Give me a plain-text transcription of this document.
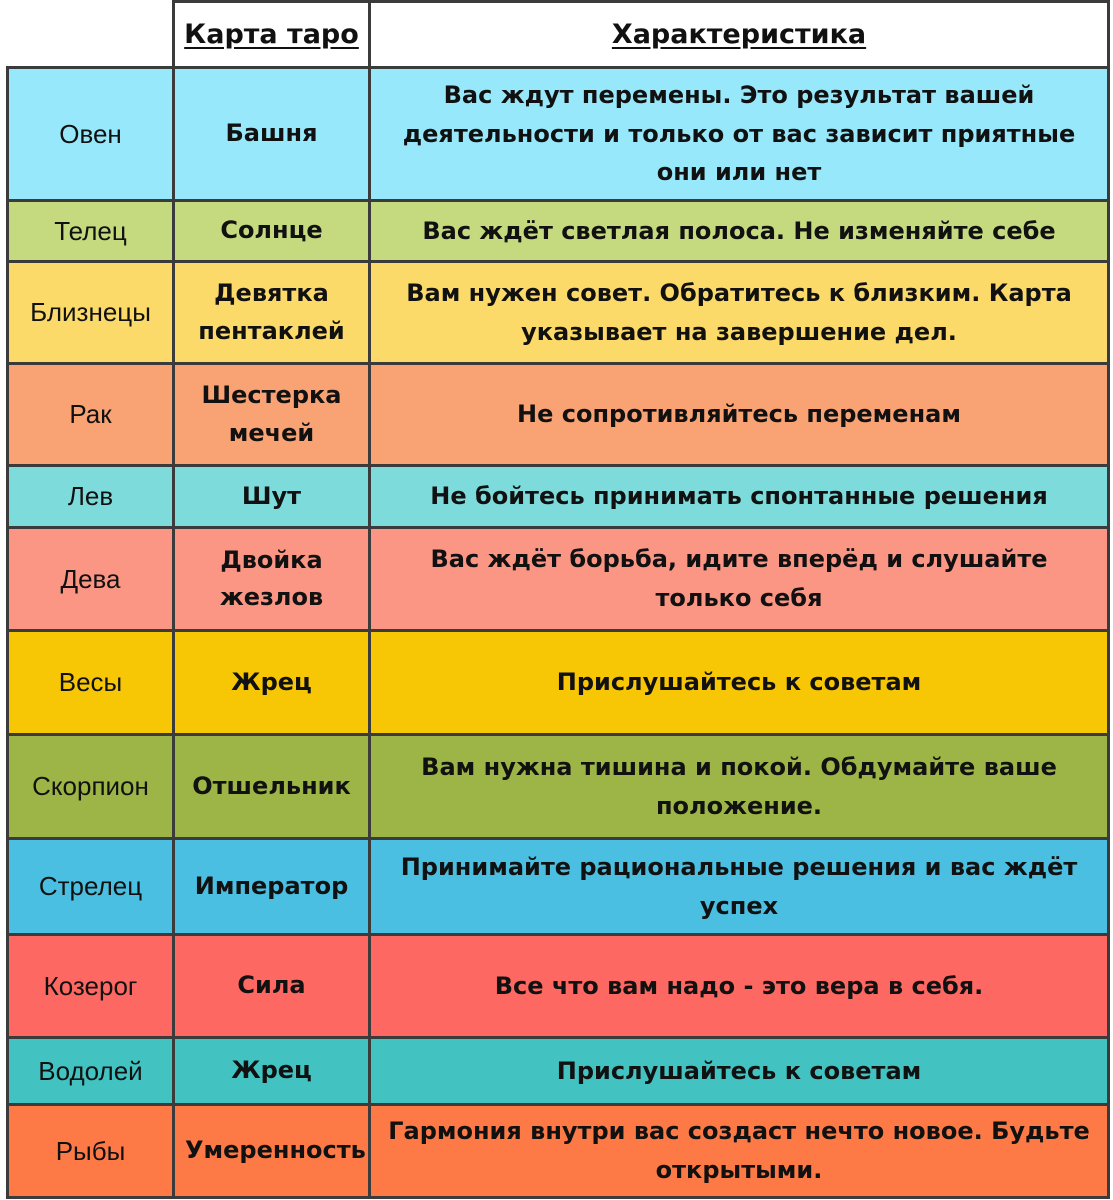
	Карта таро	Характеристика
Овен	Башня	Вас ждут перемены. Это результат вашей деятельности и только от вас зависит приятные они или нет
Телец	Солнце	Вас ждёт светлая полоса. Не изменяйте себе
Близнецы	Девятка пентаклей	Вам нужен совет. Обратитесь к близким. Карта указывает на завершение дел.
Рак	Шестерка мечей	Не сопротивляйтесь переменам
Лев	Шут	Не бойтесь принимать спонтанные решения
Дева	Двойка жезлов	Вас ждёт борьба, идите вперёд и слушайте только себя
Весы	Жрец	Прислушайтесь к советам
Скорпион	Отшельник	Вам нужна тишина и покой. Обдумайте ваше положение.
Стрелец	Император	Принимайте рациональные решения и вас ждёт успех
Козерог	Сила	Все что вам надо - это вера в себя.
Водолей	Жрец	Прислушайтесь к советам
Рыбы	Умеренность	Гармония внутри вас создаст нечто новое. Будьте открытыми.
